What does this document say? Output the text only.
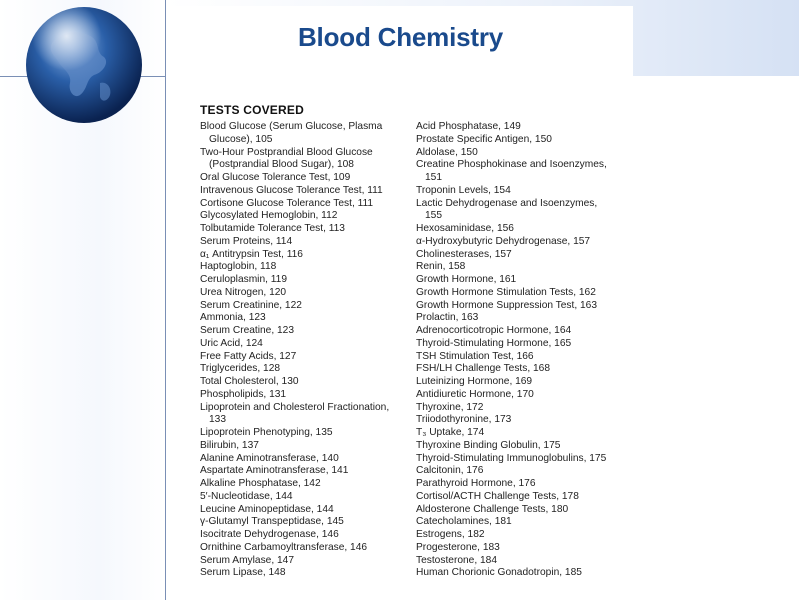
Blood Chemistry
TESTS COVERED
Blood Glucose (Serum Glucose, Plasma
Glucose), 105
Two-Hour Postprandial Blood Glucose
(Postprandial Blood Sugar), 108
Oral Glucose Tolerance Test, 109
Intravenous Glucose Tolerance Test, 111
Cortisone Glucose Tolerance Test, 111
Glycosylated Hemoglobin, 112
Tolbutamide Tolerance Test, 113
Serum Proteins, 114
α₁ Antitrypsin Test, 116
Haptoglobin, 118
Ceruloplasmin, 119
Urea Nitrogen, 120
Serum Creatinine, 122
Ammonia, 123
Serum Creatine, 123
Uric Acid, 124
Free Fatty Acids, 127
Triglycerides, 128
Total Cholesterol, 130
Phospholipids, 131
Lipoprotein and Cholesterol Fractionation,
133
Lipoprotein Phenotyping, 135
Bilirubin, 137
Alanine Aminotransferase, 140
Aspartate Aminotransferase, 141
Alkaline Phosphatase, 142
5′-Nucleotidase, 144
Leucine Aminopeptidase, 144
γ-Glutamyl Transpeptidase, 145
Isocitrate Dehydrogenase, 146
Ornithine Carbamoyltransferase, 146
Serum Amylase, 147
Serum Lipase, 148
Acid Phosphatase, 149
Prostate Specific Antigen, 150
Aldolase, 150
Creatine Phosphokinase and Isoenzymes,
151
Troponin Levels, 154
Lactic Dehydrogenase and Isoenzymes,
155
Hexosaminidase, 156
α-Hydroxybutyric Dehydrogenase, 157
Cholinesterases, 157
Renin, 158
Growth Hormone, 161
Growth Hormone Stimulation Tests, 162
Growth Hormone Suppression Test, 163
Prolactin, 163
Adrenocorticotropic Hormone, 164
Thyroid-Stimulating Hormone, 165
TSH Stimulation Test, 166
FSH/LH Challenge Tests, 168
Luteinizing Hormone, 169
Antidiuretic Hormone, 170
Thyroxine, 172
Triiodothyronine, 173
T₃ Uptake, 174
Thyroxine Binding Globulin, 175
Thyroid-Stimulating Immunoglobulins, 175
Calcitonin, 176
Parathyroid Hormone, 176
Cortisol/ACTH Challenge Tests, 178
Aldosterone Challenge Tests, 180
Catecholamines, 181
Estrogens, 182
Progesterone, 183
Testosterone, 184
Human Chorionic Gonadotropin, 185
